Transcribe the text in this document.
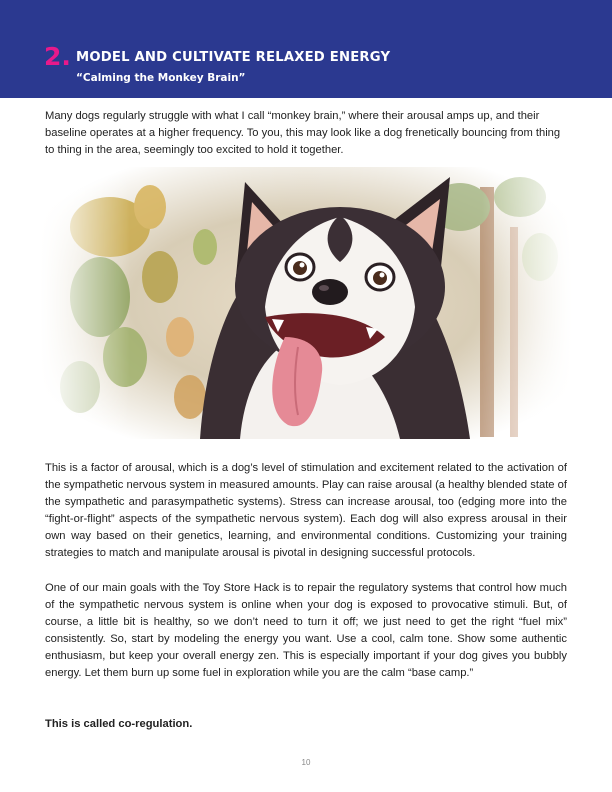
2. MODEL AND CULTIVATE RELAXED ENERGY
“Calming the Monkey Brain”

Many dogs regularly struggle with what I call “monkey brain,” where their arousal amps up, and their baseline operates at a higher frequency. To you, this may look like a dog frenetically bouncing from thing to thing in the area, seemingly too excited to hold it together.

This is a factor of arousal, which is a dog’s level of stimulation and excitement related to the activation of the sympathetic nervous system in measured amounts. Play can raise arousal (a healthy blended state of the sympathetic and parasympathetic systems). Stress can increase arousal, too (edging more into the “fight-or-flight” aspects of the sympathetic nervous system). Each dog will also express arousal in their own way based on their genetics, learning, and environmental conditions. Customizing your training strategies to match and manipulate arousal is pivotal in designing successful protocols.

One of our main goals with the Toy Store Hack is to repair the regulatory systems that control how much of the sympathetic nervous system is online when your dog is exposed to provocative stimuli. But, of course, a little bit is healthy, so we don’t need to turn it off; we just need to get the right “fuel mix” consistently. So, start by modeling the energy you want. Use a cool, calm tone. Show some authentic enthusiasm, but keep your overall energy zen. This is especially important if your dog gives you bubbly energy. Let them burn up some fuel in exploration while you are the calm “base camp.”

This is called co-regulation.

10
